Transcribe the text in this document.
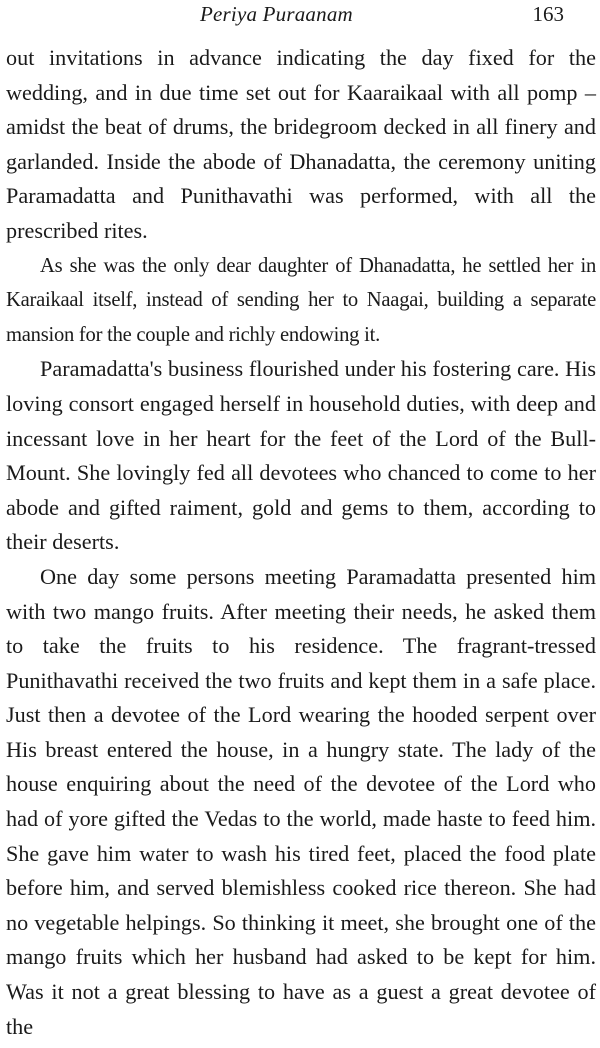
Periya Puraanam	163

out invitations in advance indicating the day fixed for the wedding, and in due time set out for Kaaraikaal with all pomp – amidst the beat of drums, the bridegroom decked in all finery and garlanded. Inside the abode of Dhanadatta, the ceremony uniting Paramadatta and Punithavathi was performed, with all the prescribed rites.

As she was the only dear daughter of Dhanadatta, he settled her in Karaikaal itself, instead of sending her to Naagai, building a separate mansion for the couple and richly endowing it.

Paramadatta's business flourished under his fostering care. His loving consort engaged herself in household duties, with deep and incessant love in her heart for the feet of the Lord of the Bull-Mount. She lovingly fed all devotees who chanced to come to her abode and gifted raiment, gold and gems to them, according to their deserts.

One day some persons meeting Paramadatta presented him with two mango fruits. After meeting their needs, he asked them to take the fruits to his residence. The fragrant-tressed Punithavathi received the two fruits and kept them in a safe place. Just then a devotee of the Lord wearing the hooded serpent over His breast entered the house, in a hungry state. The lady of the house enquiring about the need of the devotee of the Lord who had of yore gifted the Vedas to the world, made haste to feed him. She gave him water to wash his tired feet, placed the food plate before him, and served blemishless cooked rice thereon. She had no vegetable helpings. So thinking it meet, she brought one of the mango fruits which her husband had asked to be kept for him. Was it not a great blessing to have as a guest a great devotee of the
